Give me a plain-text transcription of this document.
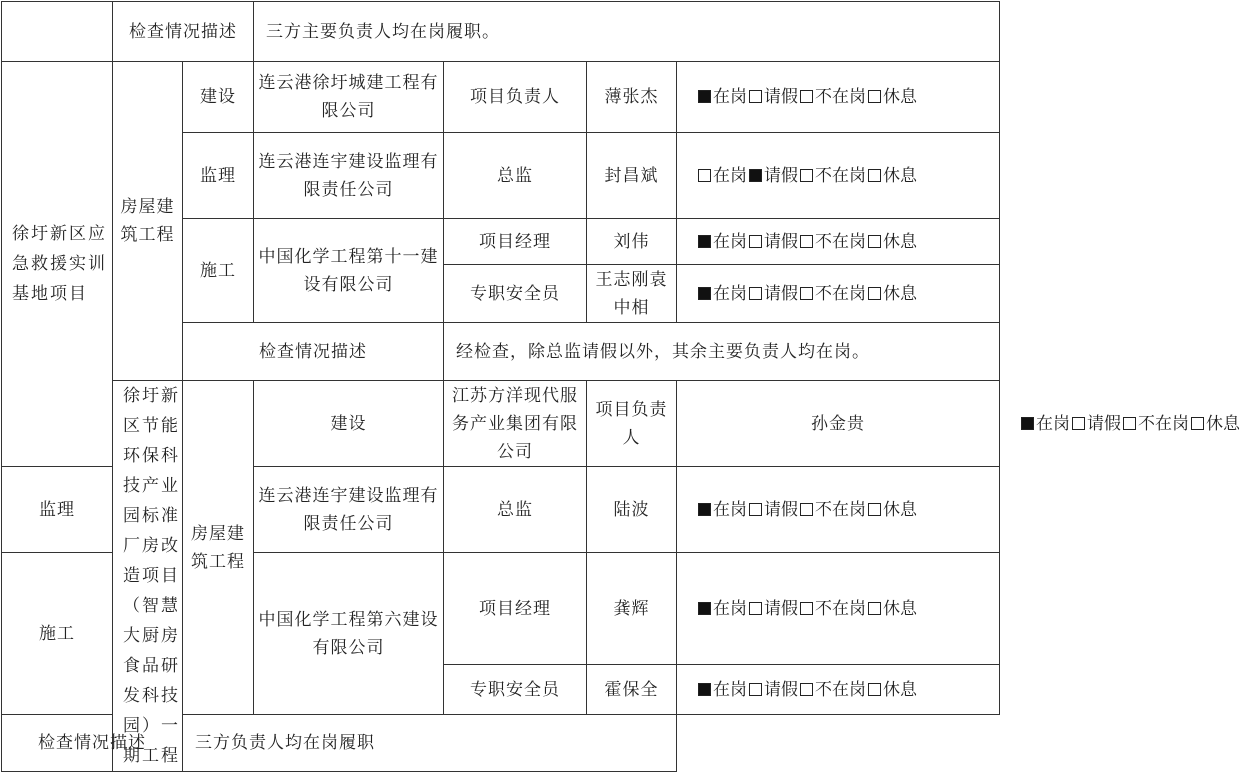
	检查情况描述		三方主要负责人均在岗履职。				
徐圩新区应急救援实训基地项目	房屋建筑工程	建设	连云港徐圩城建工程有限公司	项目负责人	薄张杰	在岗 请假 不在岗 休息	
		监理	连云港连宇建设监理有限责任公司	总监	封昌斌	在岗 请假 不在岗 休息	
		施工	中国化学工程第十一建设有限公司	项目经理	刘伟	在岗 请假 不在岗 休息	
				专职安全员	王志刚袁中相	在岗 请假 不在岗 休息	
		检查情况描述		经检查，除总监请假以外，其余主要负责人均在岗。			
	徐圩新区节能环保科技产业园标准厂房改造项目（智慧大厨房食品研发科技园）一期工程	房屋建筑工程	建设	江苏方洋现代服务产业集团有限公司	项目负责人	孙金贵	在岗 请假 不在岗 休息
监理			连云港连宇建设监理有限责任公司	总监	陆波	在岗 请假 不在岗 休息	
施工			中国化学工程第六建设有限公司	项目经理	龚辉	在岗 请假 不在岗 休息	
				专职安全员	霍保全	在岗 请假 不在岗 休息	
检查情况描述		三方负责人均在岗履职					
